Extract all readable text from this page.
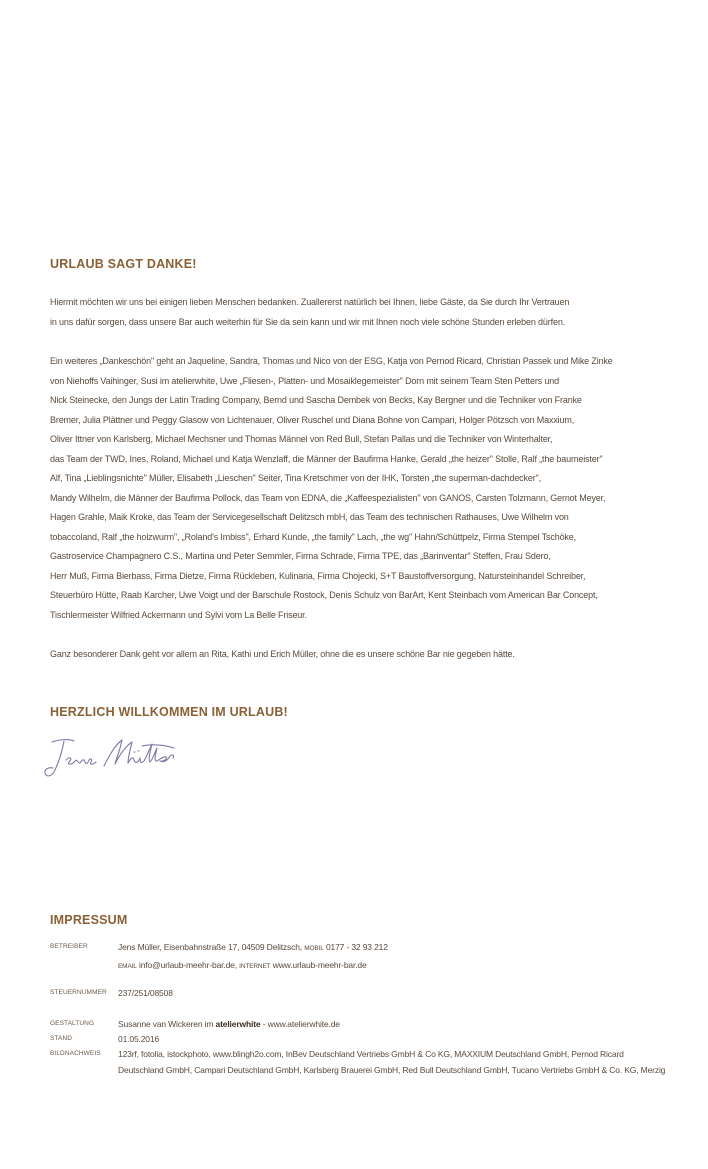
URLAUB SAGT DANKE!
Hiermit möchten wir uns bei einigen lieben Menschen bedanken. Zuallererst natürlich bei Ihnen, liebe Gäste, da Sie durch Ihr Vertrauen
in uns dafür sorgen, dass unsere Bar auch weiterhin für Sie da sein kann und wir mit Ihnen noch viele schöne Stunden erleben dürfen.
Ein weiteres „Dankeschön" geht an Jaqueline, Sandra, Thomas und Nico von der ESG, Katja von Pernod Ricard, Christian Passek und Mike Zinke
von Niehoffs Vaihinger, Susi im atelierwhite, Uwe „Fliesen-, Platten- und Mosaiklegemeister" Dorn mit seinem Team Sten Petters und
Nick Steinecke, den Jungs der Latin Trading Company, Bernd und Sascha Dembek von Becks, Kay Bergner und die Techniker von Franke
Bremer, Julia Plättner und Peggy Glasow von Lichtenauer, Oliver Ruschel und Diana Bohne von Campari, Holger Pötzsch von Maxxium,
Oliver Ittner von Karlsberg, Michael Mechsner und Thomas Männel von Red Bull, Stefan Pallas und die Techniker von Winterhalter,
das Team der TWD, Ines, Roland, Michael und Katja Wenzlaff, die Männer der Baufirma Hanke, Gerald „the heizer" Stolle, Ralf „the baumeister"
Alf, Tina „Lieblingsnichte" Müller, Elisabeth „Lieschen" Seiter, Tina Kretschmer von der IHK, Torsten „the superman-dachdecker",
Mandy Wilhelm, die Männer der Baufirma Pollock, das Team von EDNA, die „Kaffeespezialisten" von GANOS, Carsten Tolzmann, Gernot Meyer,
Hagen Grahle, Maik Kroke, das Team der Servicegesellschaft Delitzsch mbH, das Team des technischen Rathauses, Uwe Wilhelm von
tobaccoland, Ralf „the holzwurm", „Roland's Imbiss", Erhard Kunde, „the family" Lach, „the wg" Hahn/Schüttpelz, Firma Stempel Tschöke,
Gastroservice Champagnero C.S., Martina und Peter Semmler, Firma Schrade, Firma TPE, das „Barinventar" Steffen, Frau Sdero,
Herr Muß, Firma Bierbass, Firma Dietze, Firma Rückleben, Kulinaria, Firma Chojecki, S+T Baustoffversorgung, Natursteinhandel Schreiber,
Steuerbüro Hütte, Raab Karcher, Uwe Voigt und der Barschule Rostock, Denis Schulz von BarArt, Kent Steinbach vom American Bar Concept,
Tischlermeister Wilfried Ackermann und Sylvi vom La Belle Friseur.
Ganz besonderer Dank geht vor allem an Rita, Kathi und Erich Müller, ohne die es unsere schöne Bar nie gegeben hätte.
HERZLICH WILLKOMMEN IM URLAUB!
IMPRESSUM
BETREIBER	Jens Müller, Eisenbahnstraße 17, 04509 Delitzsch, MOBIL 0177 - 32 93 212
EMAIL info@urlaub-meehr-bar.de, INTERNET www.urlaub-meehr-bar.de
STEUERNUMMER 237/251/08508
GESTALTUNG	Susanne van Wickeren im atelierwhite - www.atelierwhite.de
STAND	01.05.2016
BILDNACHWEIS 123rf, fotolia, istockphoto, www.blingh2o.com, InBev Deutschland Vertriebs GmbH & Co KG, MAXXIUM Deutschland GmbH, Pernod Ricard
Deutschland GmbH, Campari Deutschland GmbH, Karlsberg Brauerei GmbH, Red Bull Deutschland GmbH, Tucano Vertriebs GmbH & Co. KG, Merzig
